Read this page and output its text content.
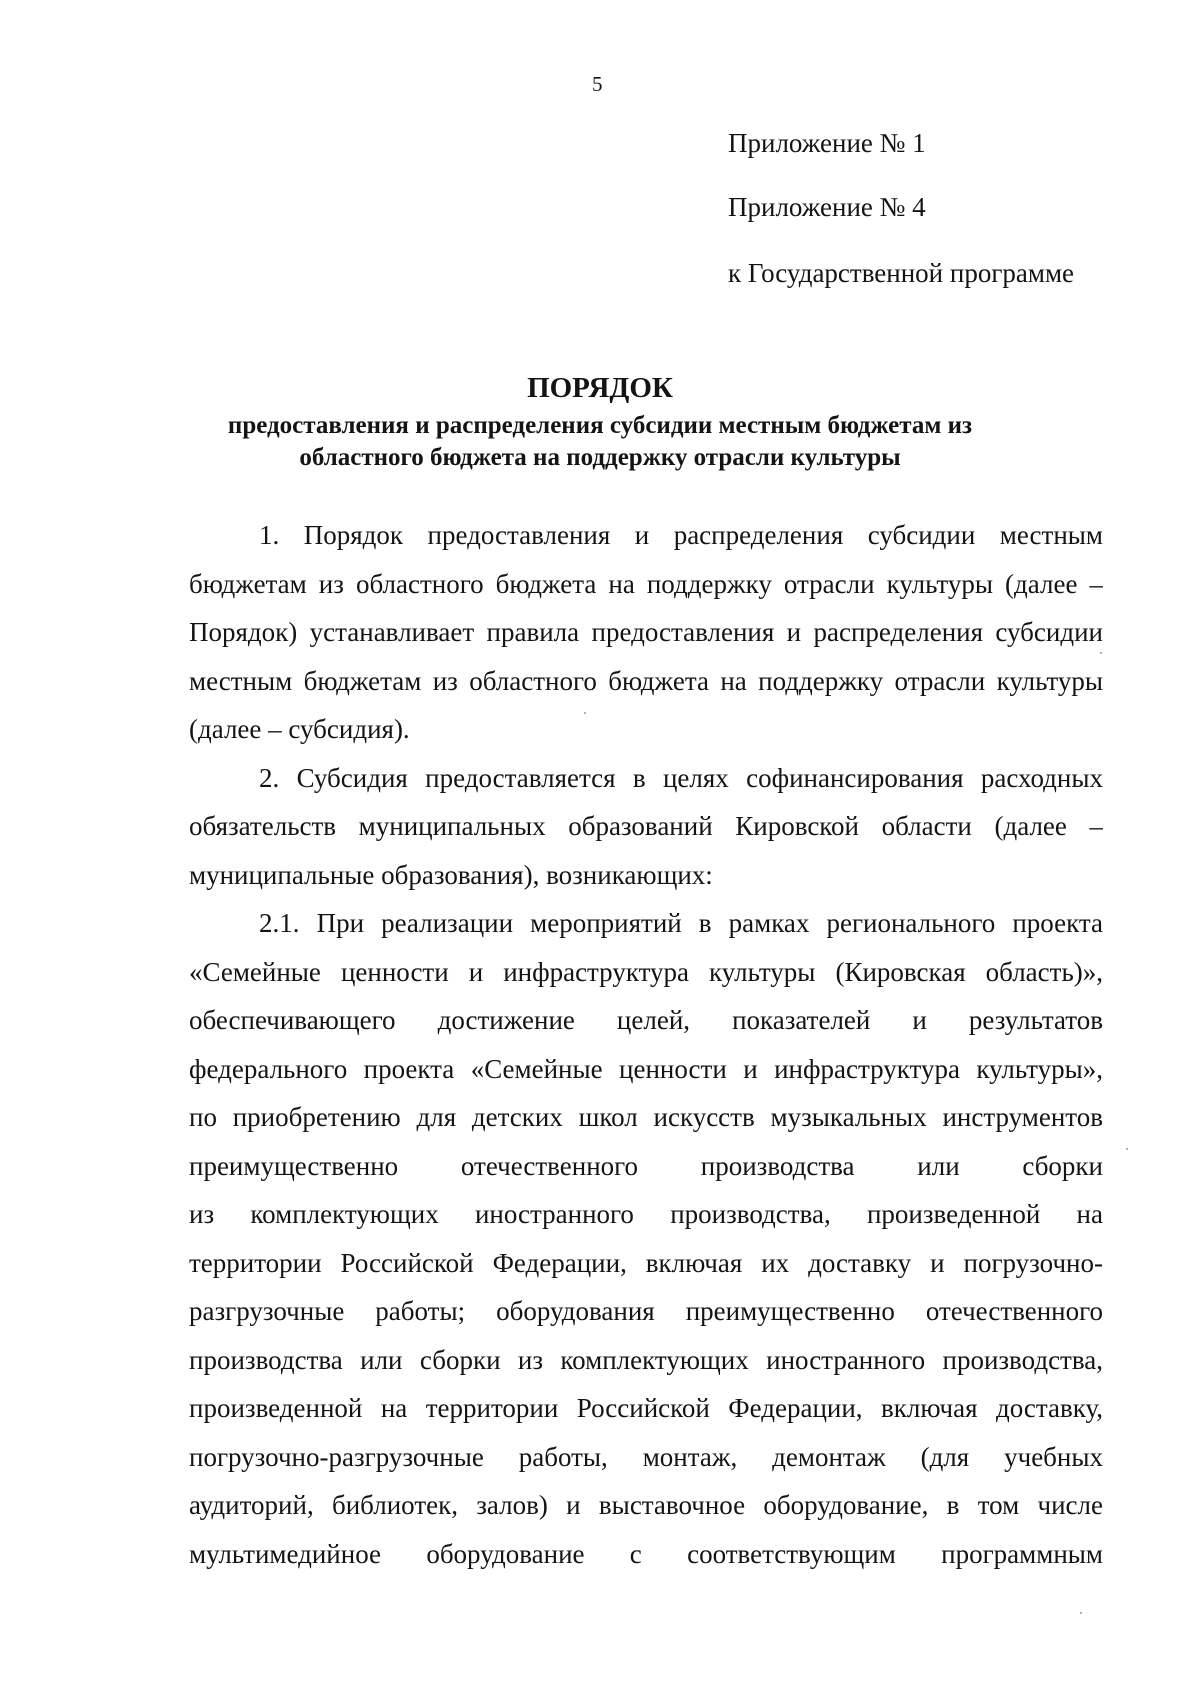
5
Приложение № 1
Приложение № 4
к Государственной программе
ПОРЯДОК
предоставления и распределения субсидии местным бюджетам из
областного бюджета на поддержку отрасли культуры
1. Порядок предоставления и распределения субсидии местным
бюджетам из областного бюджета на поддержку отрасли культуры (далее –
Порядок) устанавливает правила предоставления и распределения субсидии
местным бюджетам из областного бюджета на поддержку отрасли культуры
(далее – субсидия).
2. Субсидия предоставляется в целях софинансирования расходных
обязательств муниципальных образований Кировской области (далее –
муниципальные образования), возникающих:
2.1. При реализации мероприятий в рамках регионального проекта
«Семейные ценности и инфраструктура культуры (Кировская область)»,
обеспечивающего достижение целей, показателей и результатов
федерального проекта «Семейные ценности и инфраструктура культуры»,
по приобретению для детских школ искусств музыкальных инструментов
преимущественно отечественного производства или сборки
из комплектующих иностранного производства, произведенной на
территории Российской Федерации, включая их доставку и погрузочно-
разгрузочные работы; оборудования преимущественно отечественного
производства или сборки из комплектующих иностранного производства,
произведенной на территории Российской Федерации, включая доставку,
погрузочно-разгрузочные работы, монтаж, демонтаж (для учебных
аудиторий, библиотек, залов) и выставочное оборудование, в том числе
мультимедийное оборудование с соответствующим программным
